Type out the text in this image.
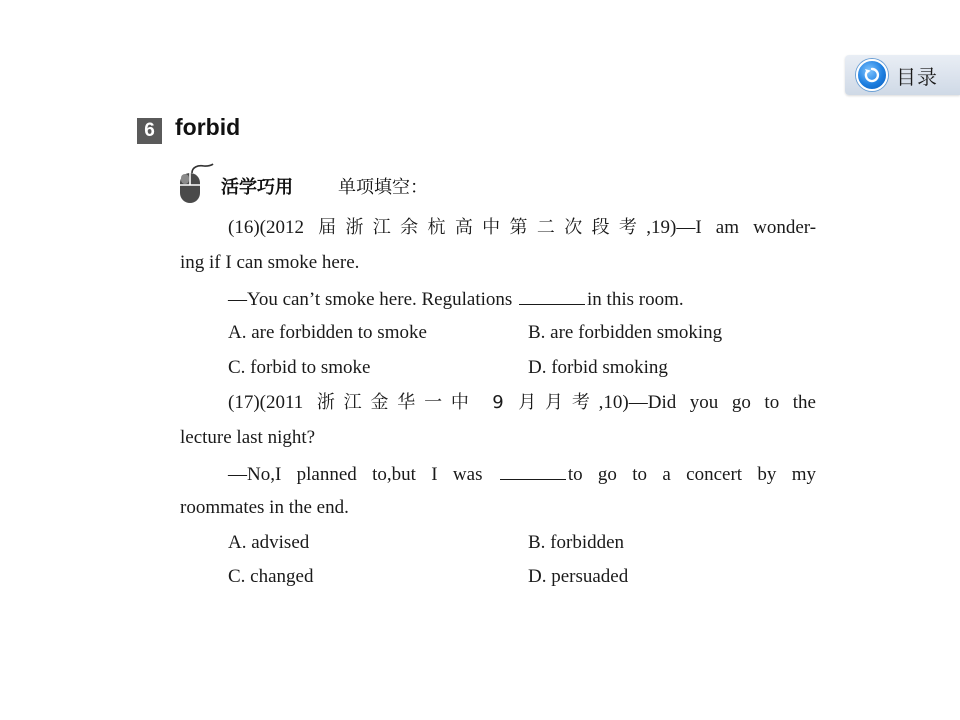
目录
6 forbid
活学巧用	单项填空：
(16)(2012 届浙江余杭高中第二次段考,19)—I am wonder-
ing if I can smoke here.
—You can’t smoke here. Regulations	in this room.
A. are forbidden to smoke	B. are forbidden smoking
C. forbid to smoke	D. forbid smoking
(17)(2011 浙江金华一中 9 月月考,10)—Did you go to the
lecture last night?
—No,I planned to,but I was	to go to a concert by my
roommates in the end.
A. advised	B. forbidden
C. changed	D. persuaded
